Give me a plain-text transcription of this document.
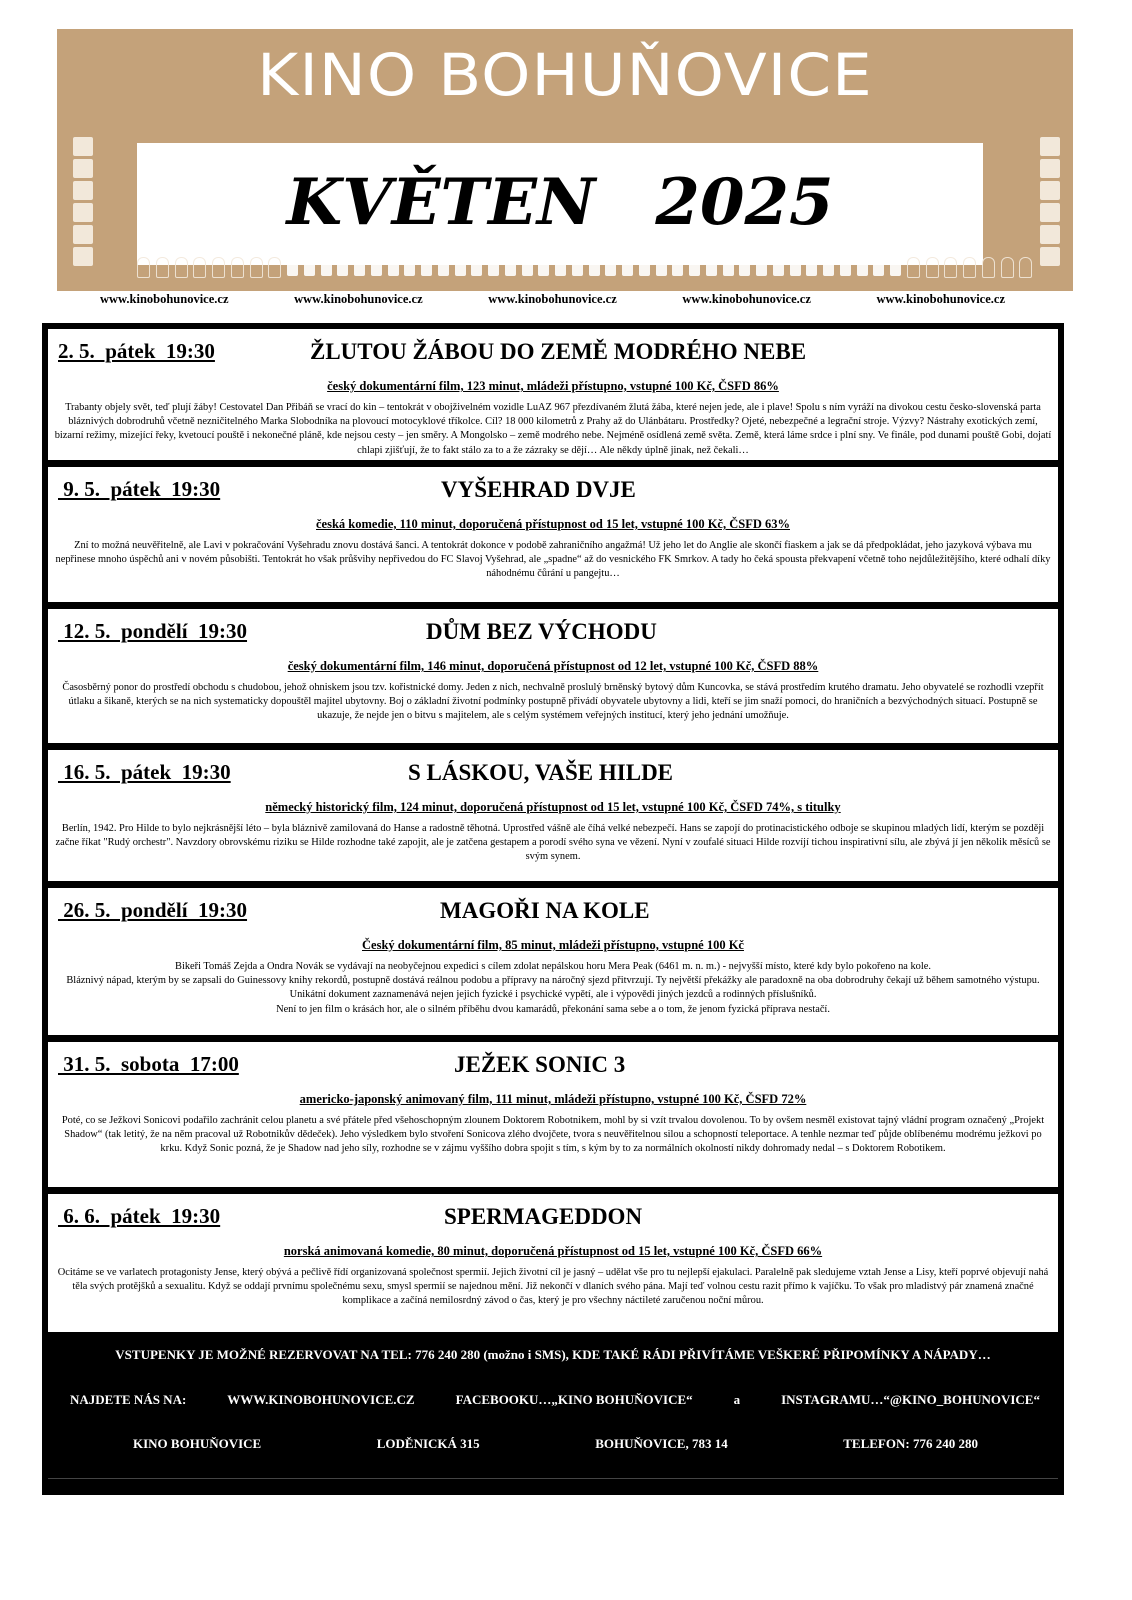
KINO BOHUŇOVICE
KVĚTEN 2025
www.kinobohunovice.cz	www.kinobohunovice.cz	www.kinobohunovice.cz	www.kinobohunovice.cz	www.kinobohunovice.cz
2. 5.  pátek  19:30	ŽLUTOU ŽÁBOU DO ZEMĚ MODRÉHO NEBE
český dokumentární film, 123 minut, mládeži přístupno, vstupné 100 Kč, ČSFD 86%
Trabanty objely svět, teď plují žáby! Cestovatel Dan Přibáň se vrací do kin – tentokrát v obojživelném vozidle LuAZ 967 přezdívaném žlutá žába, které nejen jede, ale i plave! Spolu s ním vyráží na divokou cestu česko-slovenská parta bláznivých dobrodruhů včetně nezničitelného Marka Slobodníka na plovoucí motocyklové tříkolce. Cíl? 18 000 kilometrů z Prahy až do Ulánbátaru. Prostředky? Ojeté, nebezpečné a legrační stroje. Výzvy? Nástrahy exotických zemí, bizarní režimy, mizející řeky, kvetoucí pouště i nekonečné pláně, kde nejsou cesty – jen směry. A Mongolsko – země modrého nebe. Nejméně osídlená země světa. Země, která láme srdce i plní sny. Ve finále, pod dunami pouště Gobi, dojatí chlapi zjišťují, že to fakt stálo za to a že zázraky se dějí… Ale někdy úplně jinak, než čekali…
9. 5.  pátek  19:30	VYŠEHRAD DVJE
česká komedie, 110 minut, doporučená přístupnost od 15 let, vstupné 100 Kč, ČSFD 63%
Zní to možná neuvěřitelně, ale Lavi v pokračování Vyšehradu znovu dostává šanci. A tentokrát dokonce v podobě zahraničního angažmá! Už jeho let do Anglie ale skončí fiaskem a jak se dá předpokládat, jeho jazyková výbava mu nepřinese mnoho úspěchů ani v novém působišti. Tentokrát ho však průšvihy nepřivedou do FC Slavoj Vyšehrad, ale „spadne“ až do vesnického FK Smrkov. A tady ho čeká spousta překvapení včetně toho nejdůležitějšího, které odhalí díky náhodnému čůrání u pangejtu…
12. 5.  pondělí  19:30	DŮM BEZ VÝCHODU
český dokumentární film, 146 minut, doporučená přístupnost od 12 let, vstupné 100 Kč, ČSFD 88%
Časosběrný ponor do prostředí obchodu s chudobou, jehož ohniskem jsou tzv. kořistnické domy. Jeden z nich, nechvalně proslulý brněnský bytový dům Kuncovka, se stává prostředím krutého dramatu. Jeho obyvatelé se rozhodli vzepřít útlaku a šikaně, kterých se na nich systematicky dopouštěl majitel ubytovny. Boj o základní životní podmínky postupně přivádí obyvatele ubytovny a lidi, kteří se jim snaží pomoci, do hraničních a bezvýchodných situací. Postupně se ukazuje, že nejde jen o bitvu s majitelem, ale s celým systémem veřejných institucí, který jeho jednání umožňuje.
16. 5.  pátek  19:30	S LÁSKOU, VAŠE HILDE
německý historický film, 124 minut, doporučená přístupnost od 15 let, vstupné 100 Kč, ČSFD 74%, s titulky
Berlín, 1942. Pro Hilde to bylo nejkrásnější léto – byla bláznivě zamilovaná do Hanse a radostně těhotná. Uprostřed vášně ale číhá velké nebezpečí. Hans se zapojí do protinacistického odboje se skupinou mladých lidí, kterým se později začne říkat "Rudý orchestr". Navzdory obrovskému riziku se Hilde rozhodne také zapojit, ale je zatčena gestapem a porodí svého syna ve vězení. Nyní v zoufalé situaci Hilde rozvíjí tichou inspirativní sílu, ale zbývá jí jen několik měsíců se svým synem.
26. 5.  pondělí  19:30	MAGOŘI NA KOLE
Český dokumentární film, 85 minut, mládeži přístupno, vstupné 100 Kč
Bikeři Tomáš Zejda a Ondra Novák se vydávají na neobyčejnou expedici s cílem zdolat nepálskou horu Mera Peak (6461 m. n. m.) - nejvyšší místo, které kdy bylo pokořeno na kole.
Bláznivý nápad, kterým by se zapsali do Guinessovy knihy rekordů, postupně dostává reálnou podobu a přípravy na náročný sjezd přitvrzují. Ty největší překážky ale paradoxně na oba dobrodruhy čekají už během samotného výstupu. Unikátní dokument zaznamenává nejen jejich fyzické i psychické vypětí, ale i výpovědi jiných jezdců a rodinných příslušníků.
Není to jen film o krásách hor, ale o silném příběhu dvou kamarádů, překonání sama sebe a o tom, že jenom fyzická příprava nestačí.
31. 5.  sobota  17:00	JEŽEK SONIC 3
americko-japonský animovaný film, 111 minut, mládeži přístupno, vstupné 100 Kč, ČSFD 72%
Poté, co se Ježkovi Sonicovi podařilo zachránit celou planetu a své přátele před všehoschopným zlounem Doktorem Robotnikem, mohl by si vzít trvalou dovolenou. To by ovšem nesměl existovat tajný vládní program označený „Projekt Shadow“ (tak letitý, že na něm pracoval už Robotnikův dědeček). Jeho výsledkem bylo stvoření Sonicova zlého dvojčete, tvora s neuvěřitelnou silou a schopností teleportace. A tenhle nezmar teď půjde oblíbenému modrému ježkovi po krku. Když Sonic pozná, že je Shadow nad jeho síly, rozhodne se v zájmu vyššího dobra spojit s tím, s kým by to za normálních okolností nikdy dohromady nedal – s Doktorem Robotikem.
6. 6.  pátek  19:30	SPERMAGEDDON
norská animovaná komedie, 80 minut, doporučená přístupnost od 15 let, vstupné 100 Kč, ČSFD 66%
Ocitáme se ve varlatech protagonisty Jense, který obývá a pečlivě řídí organizovaná společnost spermií. Jejich životní cíl je jasný – udělat vše pro tu nejlepší ejakulaci. Paralelně pak sledujeme vztah Jense a Lisy, kteří poprvé objevují nahá těla svých protějšků a sexualitu. Když se oddají prvnímu společnému sexu, smysl spermií se najednou mění. Již nekončí v dlaních svého pána. Mají teď volnou cestu razit přímo k vajíčku. To však pro mladistvý pár znamená značné komplikace a začíná nemilosrdný závod o čas, který je pro všechny náctileté zaručenou noční můrou.
VSTUPENKY JE MOŽNÉ REZERVOVAT NA TEL: 776 240 280 (možno i SMS), KDE TAKÉ RÁDI PŘIVÍTÁME VEŠKERÉ PŘIPOMÍNKY A NÁPADY…
NAJDETE NÁS NA:	WWW.KINOBOHUNOVICE.CZ	FACEBOOKU…„KINO BOHUŇOVICE“	a	INSTAGRAMU…“@KINO_BOHUNOVICE“
KINO BOHUŇOVICE	LODĚNICKÁ 315	BOHUŇOVICE, 783 14	TELEFON: 776 240 280
